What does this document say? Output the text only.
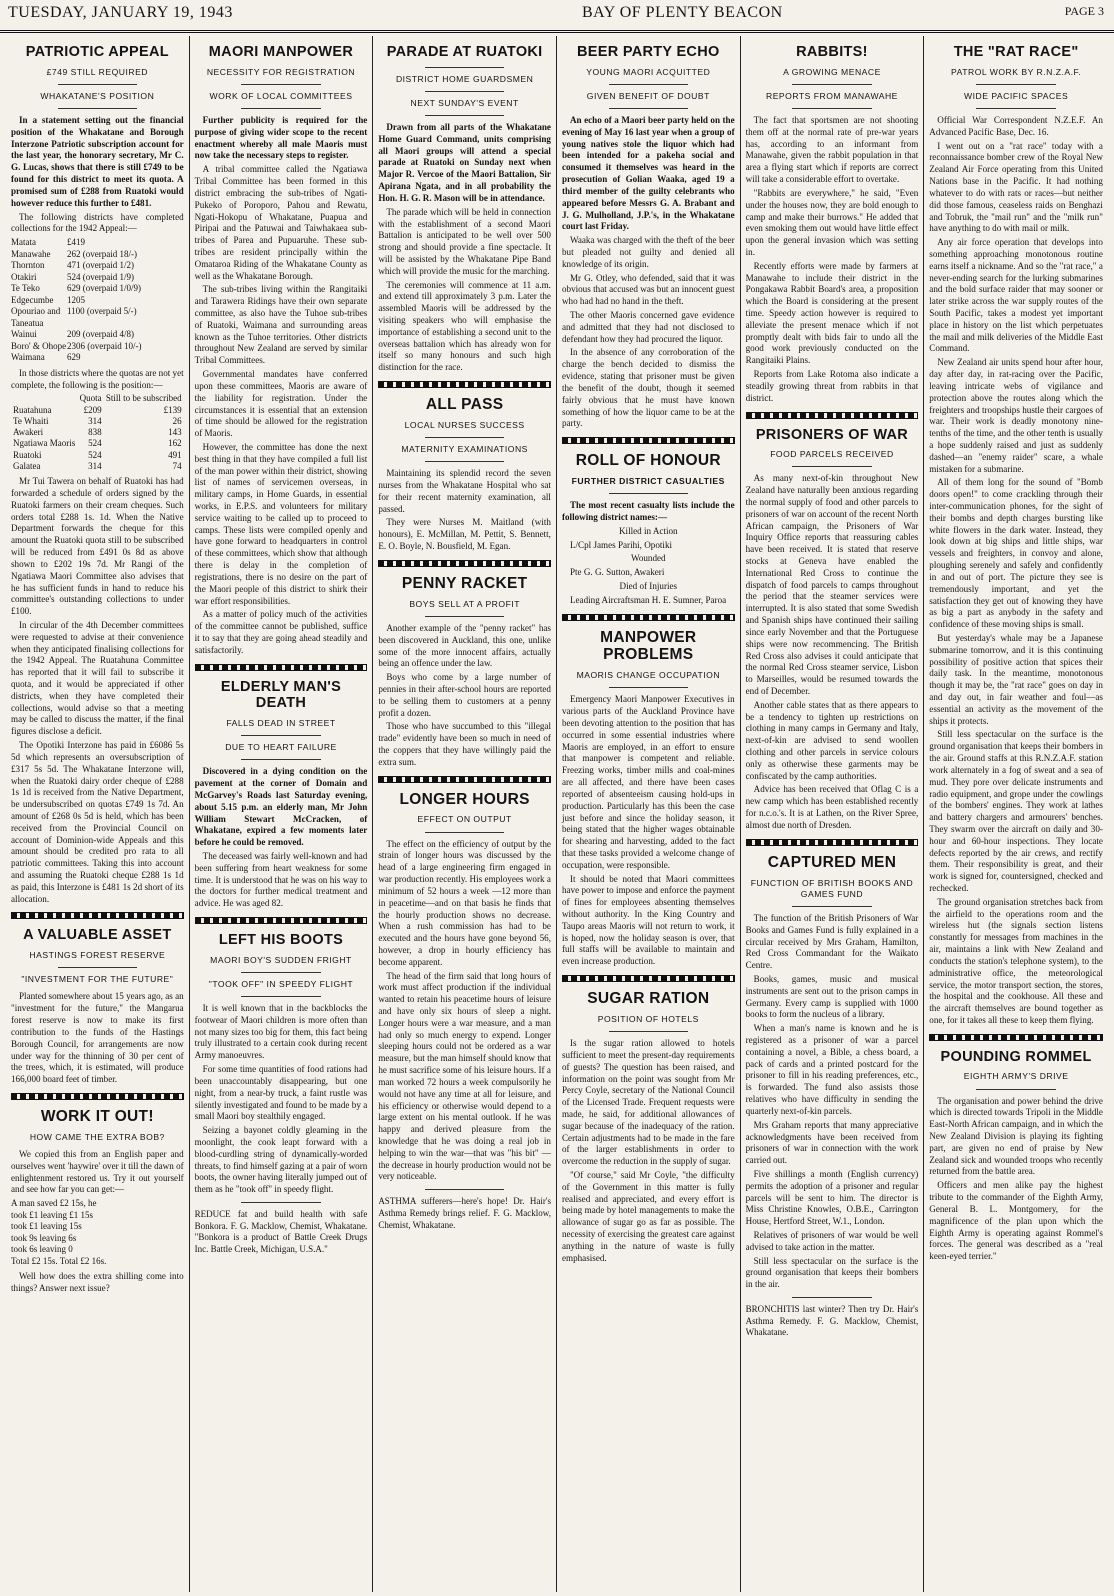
TUESDAY, JANUARY 19, 1943	BAY OF PLENTY BEACON	PAGE 3
PATRIOTIC APPEAL
£749 STILL REQUIRED
WHAKATANE'S POSITION

In a statement setting out the financial position of the Whakatane and Borough Interzone Patriotic subscription account for the last year, the honorary secretary, Mr C. G. Lucas, shows that there is still £749 to be found for this district to meet its quota. A promised sum of £288 from Ruatoki would however reduce this further to £481.

The following districts have completed collections for the 1942 Appeal:—

Matata	£419
Manawahe	262 (overpaid 18/-)
Thornton	471 (overpaid 1/2)
Otakiri	524 (overpaid 1/9)
Te Teko	629 (overpaid 1/0/9)
Edgecumbe	1205
Opouriao and Taneatua
1100 (overpaid 5/-)
Wainui	209 (overpaid 4/8)
Boro' & Ohope 2306 (overpaid 10/-)
Waimana	629

In those districts where the quotas are not yet complete, the following is the position:—

	Quota	Still to be subscribed
Ruatahuna	£209	£139
Te Whaiti	314	26
Awakeri	838	143
Ngatiawa Maoris	524	162
Ruatoki	524	491
Galatea	314	74

Mr Tui Tawera on behalf of Ruatoki has had forwarded a schedule of orders signed by the Ruatoki farmers on their cream cheques. Such orders total £288 1s. 1d. When the Native Department forwards the cheque for this amount the Ruatoki quota still to be subscribed will be reduced from £491 0s 8d as above shown to £202 19s 7d. Mr Rangi of the Ngatiawa Maori Committee also advises that he has sufficient funds in hand to reduce his committee's outstanding collections to under £100.

In circular of the 4th December committees were requested to advise at their convenience when they anticipated finalising collections for the 1942 Appeal. The Ruatahuna Committee has reported that it will fail to subscribe it quota, and it would be appreciated if other districts, when they have completed their collections, would advise so that a meeting may be called to discuss the matter, if the final figures disclose a deficit.

The Opotiki Interzone has paid in £6086 5s 5d which represents an oversubscription of £317 5s 5d. The Whakatane Interzone will, when the Ruatoki dairy order cheque of £288 1s 1d is received from the Native Department, be undersubscribed on quotas £749 1s 7d. An amount of £268 0s 5d is held, which has been received from the Provincial Council on account of Dominion-wide Appeals and this amount should be credited pro rata to all patriotic committees. Taking this into account and assuming the Ruatoki cheque £288 1s 1d as paid, this Interzone is £481 1s 2d short of its allocation.

A VALUABLE ASSET
HASTINGS FOREST RESERVE
"INVESTMENT FOR THE FUTURE"

Planted somewhere about 15 years ago, as an "investment for the future," the Mangarua forest reserve is now to make its first contribution to the funds of the Hastings Borough Council, for arrangements are now under way for the thinning of 30 per cent of the trees, which, it is estimated, will produce 166,000 board feet of timber.

WORK IT OUT!
HOW CAME THE EXTRA BOB?

We copied this from an English paper and ourselves went 'haywire' over it till the dawn of enlightenment restored us. Try it out yourself and see how far you can get:—

A man saved £2 15s, he
took £1 leaving £1 15s
took £1 leaving 15s
took 9s leaving 6s
took 6s leaving 0
Total £2 15s. Total £2 16s.

Well how does the extra shilling come into things? Answer next issue?

MAORI MANPOWER
NECESSITY FOR REGISTRATION
WORK OF LOCAL COMMITTEES

Further publicity is required for the purpose of giving wider scope to the recent enactment whereby all male Maoris must now take the necessary steps to register.

A tribal committee called the Ngatiawa Tribal Committee has been formed in this district embracing the sub-tribes of Ngati-Pukeko of Poroporo, Pahou and Rewatu, Ngati-Hokopu of Whakatane, Puapua and Piripai and the Patuwai and Taiwhakaea sub-tribes of Parea and Pupuaruhe. These sub-tribes are resident principally within the Omataroa Riding of the Whakatane County as well as the Whakatane Borough.

The sub-tribes living within the Rangitaiki and Tarawera Ridings have their own separate committee, as also have the Tuhoe sub-tribes of Ruatoki, Waimana and surrounding areas known as the Tuhoe territories. Other districts throughout New Zealand are served by similar Tribal Committees.

Governmental mandates have conferred upon these committees, Maoris are aware of the liability for registration. Under the circumstances it is essential that an extension of time should be allowed for the registration of Maoris.

However, the committee has done the next best thing in that they have compiled a full list of the man power within their district, showing list of names of servicemen overseas, in military camps, in Home Guards, in essential works, in E.P.S. and volunteers for military service waiting to be called up to proceed to camps. These lists were compiled openly and have gone forward to headquarters in control of these committees, which show that although there is delay in the completion of registrations, there is no desire on the part of the Maori people of this district to shirk their war effort responsibilities.

As a matter of policy much of the activities of the committee cannot be published, suffice it to say that they are going ahead steadily and satisfactorily.

ELDERLY MAN'S DEATH
FALLS DEAD IN STREET
DUE TO HEART FAILURE

Discovered in a dying condition on the pavement at the corner of Domain and McGarvey's Roads last Saturday evening, about 5.15 p.m. an elderly man, Mr John William Stewart McCracken, of Whakatane, expired a few moments later before he could be removed.

The deceased was fairly well-known and had been suffering from heart weakness for some time. It is understood that he was on his way to the doctors for further medical treatment and advice. He was aged 82.

LEFT HIS BOOTS
MAORI BOY'S SUDDEN FRIGHT
"TOOK OFF" IN SPEEDY FLIGHT

It is well known that in the backblocks the footwear of Maori children is more often than not many sizes too big for them, this fact being truly illustrated to a certain cook during recent Army manoeuvres.

For some time quantities of food rations had been unaccountably disappearing, but one night, from a near-by truck, a faint rustle was silently investigated and found to be made by a small Maori boy stealthily engaged.

Seizing a bayonet coldly gleaming in the moonlight, the cook leapt forward with a blood-curdling string of dynamically-worded threats, to find himself gazing at a pair of worn boots, the owner having literally jumped out of them as he "took off" in speedy flight.

REDUCE fat and build health with safe Bonkora. F. G. Macklow, Chemist, Whakatane. "Bonkora is a product of Battle Creek Drugs Inc. Battle Creek, Michigan, U.S.A."

PARADE AT RUATOKI
DISTRICT HOME GUARDSMEN
NEXT SUNDAY'S EVENT

Drawn from all parts of the Whakatane Home Guard Command, units comprising all Maori groups will attend a special parade at Ruatoki on Sunday next when Major R. Vercoe of the Maori Battalion, Sir Apirana Ngata, and in all probability the Hon. H. G. R. Mason will be in attendance.

The parade which will be held in connection with the establishment of a second Maori Battalion is anticipated to be well over 500 strong and should provide a fine spectacle. It will be assisted by the Whakatane Pipe Band which will provide the music for the marching.

The ceremonies will commence at 11 a.m. and extend till approximately 3 p.m. Later the assembled Maoris will be addressed by the visiting speakers who will emphasise the importance of establishing a second unit to the overseas battalion which has already won for itself so many honours and such high distinction for the race.

ALL PASS
LOCAL NURSES SUCCESS
MATERNITY EXAMINATIONS

Maintaining its splendid record the seven nurses from the Whakatane Hospital who sat for their recent maternity examination, all passed.

They were Nurses M. Maitland (with honours), E. McMillan, M. Pettit, S. Bennett, E. O. Boyle, N. Bousfield, M. Egan.

PENNY RACKET
BOYS SELL AT A PROFIT

Another example of the "penny racket" has been discovered in Auckland, this one, unlike some of the more innocent affairs, actually being an offence under the law.

Boys who come by a large number of pennies in their after-school hours are reported to be selling them to customers at a penny profit a dozen.

Those who have succumbed to this "illegal trade" evidently have been so much in need of the coppers that they have willingly paid the extra sum.

LONGER HOURS
EFFECT ON OUTPUT

The effect on the efficiency of output by the strain of longer hours was discussed by the head of a large engineering firm engaged in war production recently. His employees work a minimum of 52 hours a week —12 more than in peacetime—and on that basis he finds that the hourly production shows no decrease. When a rush commission has had to be executed and the hours have gone beyond 56, however, a drop in hourly efficiency has become apparent.

The head of the firm said that long hours of work must affect production if the individual wanted to retain his peacetime hours of leisure and have only six hours of sleep a night. Longer hours were a war measure, and a man had only so much energy to expend. Longer sleeping hours could not be ordered as a war measure, but the man himself should know that he must sacrifice some of his leisure hours. If a man worked 72 hours a week compulsorily he would not have any time at all for leisure, and his efficiency or otherwise would depend to a large extent on his mental outlook. If he was happy and derived pleasure from the knowledge that he was doing a real job in helping to win the war—that was "his bit" —the decrease in hourly production would not be very noticeable.

ASTHMA sufferers—here's hope! Dr. Hair's Asthma Remedy brings relief. F. G. Macklow, Chemist, Whakatane.

BEER PARTY ECHO
YOUNG MAORI ACQUITTED
GIVEN BENEFIT OF DOUBT

An echo of a Maori beer party held on the evening of May 16 last year when a group of young natives stole the liquor which had been intended for a pakeha social and consumed it themselves was heard in the prosecution of Golian Waaka, aged 19 a third member of the guilty celebrants who appeared before Messrs G. A. Brabant and J. G. Mulholland, J.P.'s, in the Whakatane court last Friday.

Waaka was charged with the theft of the beer but pleaded not guilty and denied all knowledge of its origin.

Mr G. Otley, who defended, said that it was obvious that accused was but an innocent guest who had had no hand in the theft.

The other Maoris concerned gave evidence and admitted that they had not disclosed to defendant how they had procured the liquor.

In the absence of any corroboration of the charge the bench decided to dismiss the evidence, stating that prisoner must be given the benefit of the doubt, though it seemed fairly obvious that he must have known something of how the liquor came to be at the party.

ROLL OF HONOUR
FURTHER DISTRICT CASUALTIES

The most recent casualty lists include the following district names:—

Killed in Action

L/Cpl James Parihi, Opotiki

Wounded

Pte G. G. Sutton, Awakeri

Died of Injuries

Leading Aircraftsman H. E. Sumner, Paroa

MANPOWER PROBLEMS
MAORIS CHANGE OCCUPATION

Emergency Maori Manpower Executives in various parts of the Auckland Province have been devoting attention to the position that has occurred in some essential industries where Maoris are employed, in an effort to ensure that manpower is competent and reliable. Freezing works, timber mills and coal-mines are all affected, and there have been cases reported of absenteeism causing hold-ups in production. Particularly has this been the case just before and since the holiday season, it being stated that the higher wages obtainable for shearing and harvesting, added to the fact that these tasks provided a welcome change of occupation, were responsible.

It should be noted that Maori committees have power to impose and enforce the payment of fines for employees absenting themselves without authority. In the King Country and Taupo areas Maoris will not return to work, it is hoped, now the holiday season is over, that full staffs will be available to maintain and even increase production.

SUGAR RATION
POSITION OF HOTELS

Is the sugar ration allowed to hotels sufficient to meet the present-day requirements of guests? The question has been raised, and information on the point was sought from Mr Percy Coyle, secretary of the National Council of the Licensed Trade. Frequent requests were made, he said, for additional allowances of sugar because of the inadequacy of the ration. Certain adjustments had to be made in the fare of the larger establishments in order to overcome the reduction in the supply of sugar.

"Of course," said Mr Coyle, "the difficulty of the Government in this matter is fully realised and appreciated, and every effort is being made by hotel managements to make the allowance of sugar go as far as possible. The necessity of exercising the greatest care against anything in the nature of waste is fully emphasised.

RABBITS!
A GROWING MENACE
REPORTS FROM MANAWAHE

The fact that sportsmen are not shooting them off at the normal rate of pre-war years has, according to an informant from Manawahe, given the rabbit population in that area a flying start which if reports are correct will take a considerable effort to overtake.

"Rabbits are everywhere," he said, "Even under the houses now, they are bold enough to camp and make their burrows." He added that even smoking them out would have little effect upon the general invasion which was setting in.

Recently efforts were made by farmers at Manawahe to include their district in the Pongakawa Rabbit Board's area, a proposition which the Board is considering at the present time. Speedy action however is required to alleviate the present menace which if not promptly dealt with bids fair to undo all the good work previously conducted on the Rangitaiki Plains.

Reports from Lake Rotoma also indicate a steadily growing threat from rabbits in that district.

PRISONERS OF WAR
FOOD PARCELS RECEIVED

As many next-of-kin throughout New Zealand have naturally been anxious regarding the normal supply of food and other parcels to prisoners of war on account of the recent North African campaign, the Prisoners of War Inquiry Office reports that reassuring cables have been received. It is stated that reserve stocks at Geneva have enabled the International Red Cross to continue the dispatch of food parcels to camps throughout the period that the steamer services were interrupted. It is also stated that some Swedish and Spanish ships have continued their sailing since early November and that the Portuguese ships were now recommencing. The British Red Cross also advises it could anticipate that the normal Red Cross steamer service, Lisbon to Marseilles, would be resumed towards the end of December.

Another cable states that as there appears to be a tendency to tighten up restrictions on clothing in many camps in Germany and Italy, next-of-kin are advised to send woollen clothing and other parcels in service colours only as otherwise these garments may be confiscated by the camp authorities.

Advice has been received that Oflag C is a new camp which has been established recently for n.c.o.'s. It is at Lathen, on the River Spree, almost due north of Dresden.

CAPTURED MEN
FUNCTION OF BRITISH BOOKS AND GAMES FUND

The function of the British Prisoners of War Books and Games Fund is fully explained in a circular received by Mrs Graham, Hamilton, Red Cross Commandant for the Waikato Centre.

Books, games, music and musical instruments are sent out to the prison camps in Germany. Every camp is supplied with 1000 books to form the nucleus of a library.

When a man's name is known and he is registered as a prisoner of war a parcel containing a novel, a Bible, a chess board, a pack of cards and a printed postcard for the prisoner to fill in his reading preferences, etc., is forwarded. The fund also assists those relatives who have difficulty in sending the quarterly next-of-kin parcels.

Mrs Graham reports that many appreciative acknowledgments have been received from prisoners of war in connection with the work carried out.

Five shillings a month (English currency) permits the adoption of a prisoner and regular parcels will be sent to him. The director is Miss Christine Knowles, O.B.E., Carrington House, Hertford Street, W.1., London.

Relatives of prisoners of war would be well advised to take action in the matter.

Still less spectacular on the surface is the ground organisation that keeps their bombers in the air.

BRONCHITIS last winter? Then try Dr. Hair's Asthma Remedy. F. G. Macklow, Chemist, Whakatane.

THE "RAT RACE"
PATROL WORK BY R.N.Z.A.F.
WIDE PACIFIC SPACES

Official War Correspondent N.Z.E.F. An Advanced Pacific Base, Dec. 16.

I went out on a "rat race" today with a reconnaissance bomber crew of the Royal New Zealand Air Force operating from this United Nations base in the Pacific. It had nothing whatever to do with rats or races—but neither did those famous, ceaseless raids on Benghazi and Tobruk, the "mail run" and the "milk run" have anything to do with mail or milk.

Any air force operation that develops into something approaching monotonous routine earns itself a nickname. And so the "rat race," a never-ending search for the lurking submarines and the bold surface raider that may sooner or later strike across the war supply routes of the South Pacific, takes a modest yet important place in history on the list which perpetuates the mail and milk deliveries of the Middle East Command.

New Zealand air units spend hour after hour, day after day, in rat-racing over the Pacific, leaving intricate webs of vigilance and protection above the routes along which the freighters and troopships hustle their cargoes of war. Their work is deadly monotony nine-tenths of the time, and the other tenth is usually a hope suddenly raised and just as suddenly dashed—an "enemy raider" scare, a whale mistaken for a submarine.

All of them long for the sound of "Bomb doors open!" to come crackling through their inter-communication phones, for the sight of their bombs and depth charges bursting like white flowers in the dark water. Instead, they look down at big ships and little ships, war vessels and freighters, in convoy and alone, ploughing serenely and safely and confidently in and out of port. The picture they see is tremendously important, and yet the satisfaction they get out of knowing they have as big a part as anybody in the safety and confidence of these moving ships is small.

But yesterday's whale may be a Japanese submarine tomorrow, and it is this continuing possibility of positive action that spices their daily task. In the meantime, monotonous though it may be, the "rat race" goes on day in and day out, in fair weather and foul—as essential an activity as the movement of the ships it protects.

Still less spectacular on the surface is the ground organisation that keeps their bombers in the air. Ground staffs at this R.N.Z.A.F. station work alternately in a fog of sweat and a sea of mud. They pore over delicate instruments and radio equipment, and grope under the cowlings of the bombers' engines. They work at lathes and battery chargers and armourers' benches. They swarm over the aircraft on daily and 30-hour and 60-hour inspections. They locate defects reported by the air crews, and rectify them. Their responsibility is great, and their work is signed for, countersigned, checked and rechecked.

The ground organisation stretches back from the airfield to the operations room and the wireless hut (the signals section listens constantly for messages from machines in the air, maintains a link with New Zealand and conducts the station's telephone system), to the administrative office, the meteorological service, the motor transport section, the stores, the hospital and the cookhouse. All these and the aircraft themselves are bound together as one, for it takes all these to keep them flying.

POUNDING ROMMEL
EIGHTH ARMY'S DRIVE

The organisation and power behind the drive which is directed towards Tripoli in the Middle East-North African campaign, and in which the New Zealand Division is playing its fighting part, are given no end of praise by New Zealand sick and wounded troops who recently returned from the battle area.

Officers and men alike pay the highest tribute to the commander of the Eighth Army, General B. L. Montgomery, for the magnificence of the plan upon which the Eighth Army is operating against Rommel's forces. The general was described as a "real keen-eyed terrier."
